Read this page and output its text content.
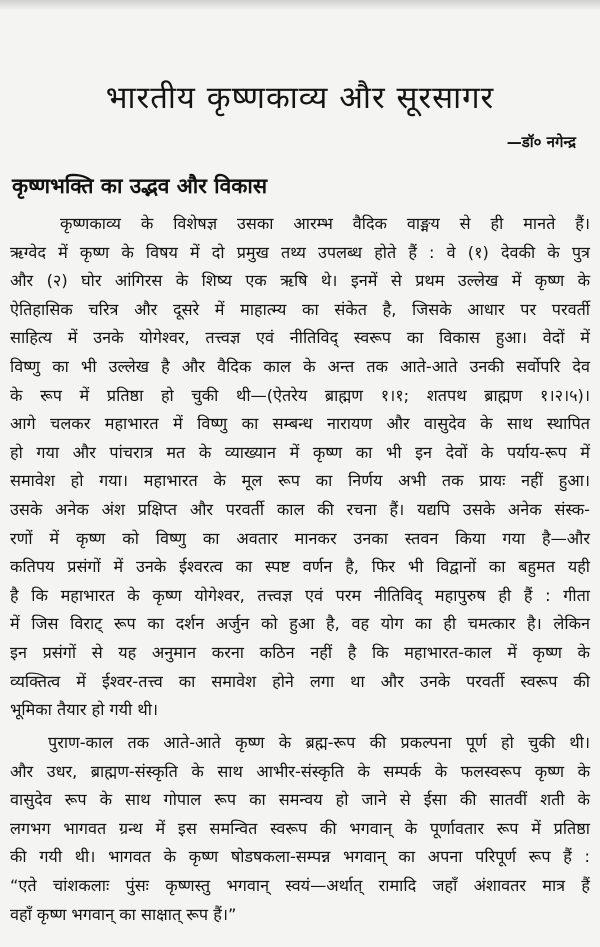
भारतीय कृष्णकाव्य और सूरसागर
—डॉ० नगेन्द्र
कृष्णभक्ति का उद्भव और विकास
कृष्णकाव्य के विशेषज्ञ उसका आरम्भ वैदिक वाङ्मय से ही मानते हैं।
ऋग्वेद में कृष्ण के विषय में दो प्रमुख तथ्य उपलब्ध होते हैं : वे (१) देवकी के पुत्र
और (२) घोर आंगिरस के शिष्य एक ऋषि थे। इनमें से प्रथम उल्लेख में कृष्ण के
ऐतिहासिक चरित्र और दूसरे में माहात्म्य का संकेत है, जिसके आधार पर परवर्ती
साहित्य में उनके योगेश्वर, तत्त्वज्ञ एवं नीतिविद् स्वरूप का विकास हुआ। वेदों में
विष्णु का भी उल्लेख है और वैदिक काल के अन्त तक आते-आते उनकी सर्वोपरि देव
के रूप में प्रतिष्ठा हो चुकी थी—(ऐतरेय ब्राह्मण १।१; शतपथ ब्राह्मण १।२।५)।
आगे चलकर महाभारत में विष्णु का सम्बन्ध नारायण और वासुदेव के साथ स्थापित
हो गया और पांचरात्र मत के व्याख्यान में कृष्ण का भी इन देवों के पर्याय-रूप में
समावेश हो गया। महाभारत के मूल रूप का निर्णय अभी तक प्रायः नहीं हुआ।
उसके अनेक अंश प्रक्षिप्त और परवर्ती काल की रचना हैं। यद्यपि उसके अनेक संस्क-
रणों में कृष्ण को विष्णु का अवतार मानकर उनका स्तवन किया गया है—और
कतिपय प्रसंगों में उनके ईश्वरत्व का स्पष्ट वर्णन है, फिर भी विद्वानों का बहुमत यही
है कि महाभारत के कृष्ण योगेश्वर, तत्त्वज्ञ एवं परम नीतिविद् महापुरुष ही हैं : गीता
में जिस विराट् रूप का दर्शन अर्जुन को हुआ है, वह योग का ही चमत्कार है। लेकिन
इन प्रसंगों से यह अनुमान करना कठिन नहीं है कि महाभारत-काल में कृष्ण के
व्यक्तित्व में ईश्वर-तत्त्व का समावेश होने लगा था और उनके परवर्ती स्वरूप की
भूमिका तैयार हो गयी थी।
पुराण-काल तक आते-आते कृष्ण के ब्रह्म-रूप की प्रकल्पना पूर्ण हो चुकी थी।
और उधर, ब्राह्मण-संस्कृति के साथ आभीर-संस्कृति के सम्पर्क के फलस्वरूप कृष्ण के
वासुदेव रूप के साथ गोपाल रूप का समन्वय हो जाने से ईसा की सातवीं शती के
लगभग भागवत ग्रन्थ में इस समन्वित स्वरूप की भगवान् के पूर्णावतार रूप में प्रतिष्ठा
की गयी थी। भागवत के कृष्ण षोडषकला-सम्पन्न भगवान् का अपना परिपूर्ण रूप हैं :
“एते चांशकलाः पुंसः कृष्णस्तु भगवान् स्वयं—अर्थात् रामादि जहाँ अंशावतर मात्र हैं
वहाँ कृष्ण भगवान् का साक्षात् रूप हैं।”
